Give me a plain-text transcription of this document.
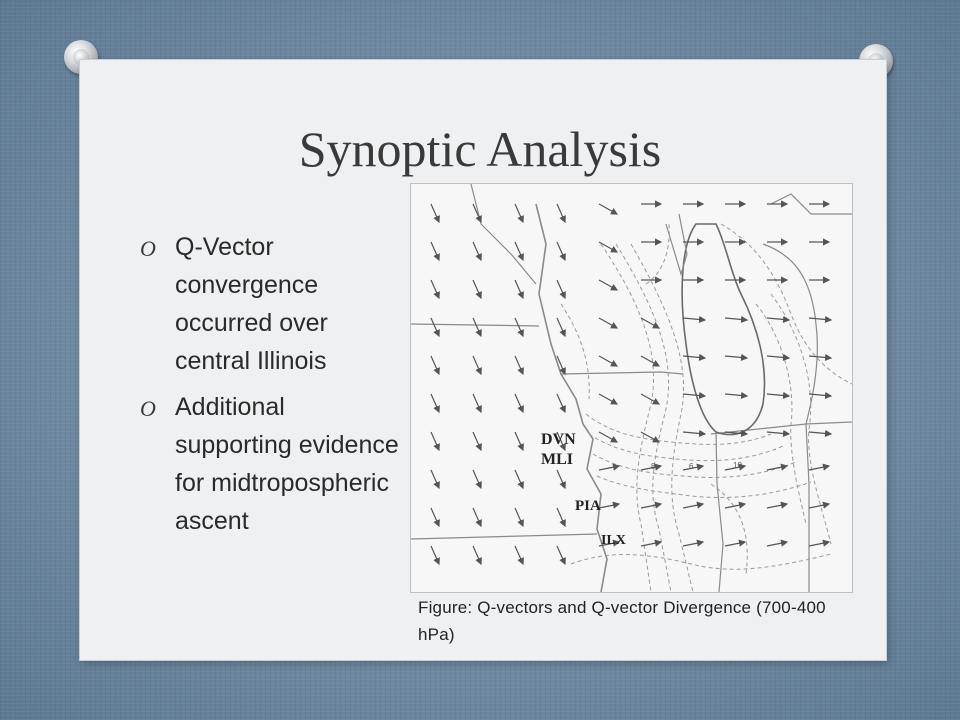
Synoptic Analysis
O Q-Vector convergence occurred over central Illinois
O Additional supporting evidence for midtropospheric ascent
DVN
MLI
PIA
ILX
8	6	10
Figure: Q-vectors and Q-vector Divergence (700-400 hPa)
